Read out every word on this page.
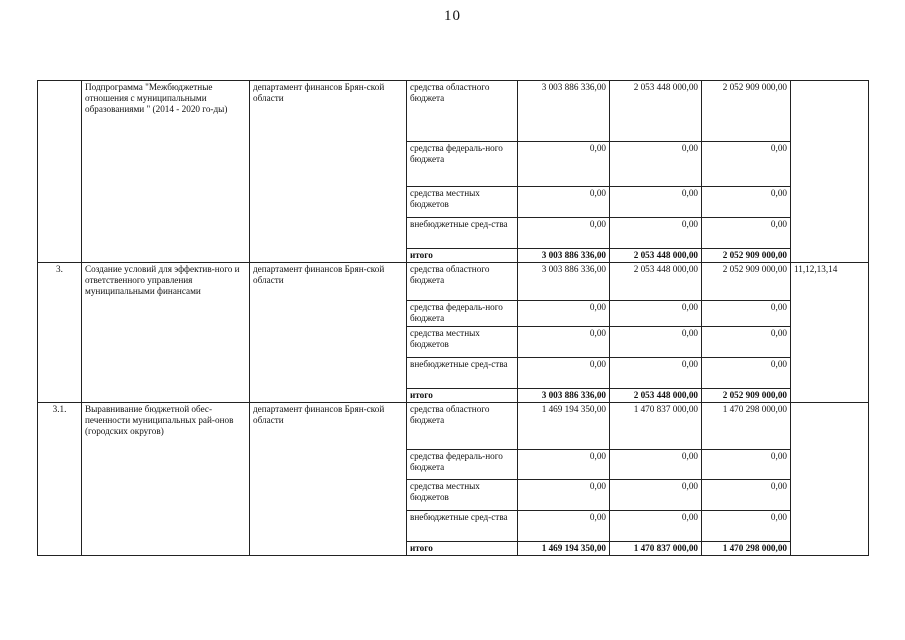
10
	Подпрограмма "Межбюджетные отношения с муниципальными образованиями " (2014 - 2020 го-ды)	департамент финансов Брян-ской области	средства областного бюджета	3 003 886 336,00	2 053 448 000,00	2 052 909 000,00	
			средства федераль-ного бюджета	0,00	0,00	0,00	
			средства местных бюджетов	0,00	0,00	0,00	
			внебюджетные сред-ства	0,00	0,00	0,00	
			итого	3 003 886 336,00	2 053 448 000,00	2 052 909 000,00	
3.	Создание условий для эффектив-ного и ответственного управления муниципальными финансами	департамент финансов Брян-ской области	средства областного бюджета	3 003 886 336,00	2 053 448 000,00	2 052 909 000,00	11,12,13,14
			средства федераль-ного бюджета	0,00	0,00	0,00	
			средства местных бюджетов	0,00	0,00	0,00	
			внебюджетные сред-ства	0,00	0,00	0,00	
			итого	3 003 886 336,00	2 053 448 000,00	2 052 909 000,00	
3.1.	Выравнивание бюджетной обес-печенности муниципальных рай-онов (городских округов)	департамент финансов Брян-ской области	средства областного бюджета	1 469 194 350,00	1 470 837 000,00	1 470 298 000,00	
			средства федераль-ного бюджета	0,00	0,00	0,00	
			средства местных бюджетов	0,00	0,00	0,00	
			внебюджетные сред-ства	0,00	0,00	0,00	
			итого	1 469 194 350,00	1 470 837 000,00	1 470 298 000,00	
